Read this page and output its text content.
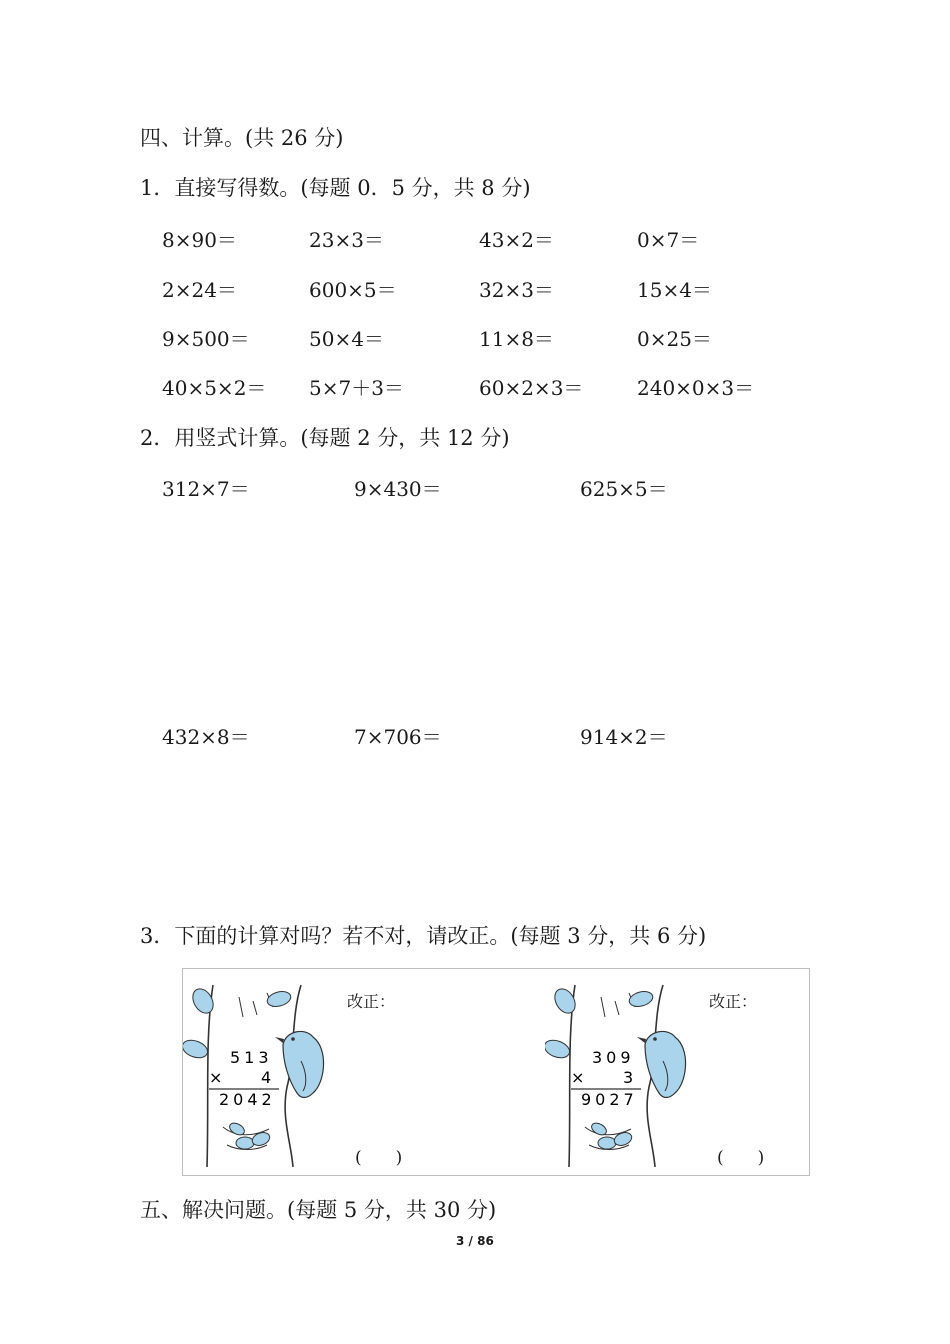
四、计算。(共 26 分)
1．直接写得数。(每题 0．5 分，共 8 分)
8×90＝	23×3＝	43×2＝	0×7＝
2×24＝	600×5＝	32×3＝	15×4＝
9×500＝	50×4＝	11×8＝	0×25＝
40×5×2＝ 5×7＋3＝	60×2×3＝	240×0×3＝
2．用竖式计算。(每题 2 分，共 12 分)
312×7＝	9×430＝	625×5＝
432×8＝	7×706＝	914×2＝
3．下面的计算对吗？若不对，请改正。(每题 3 分，共 6 分)
513
× 4
2042
改正：
(　　)
309
× 3
9027
改正：
(　　)
五、解决问题。(每题 5 分，共 30 分)
3 / 86
